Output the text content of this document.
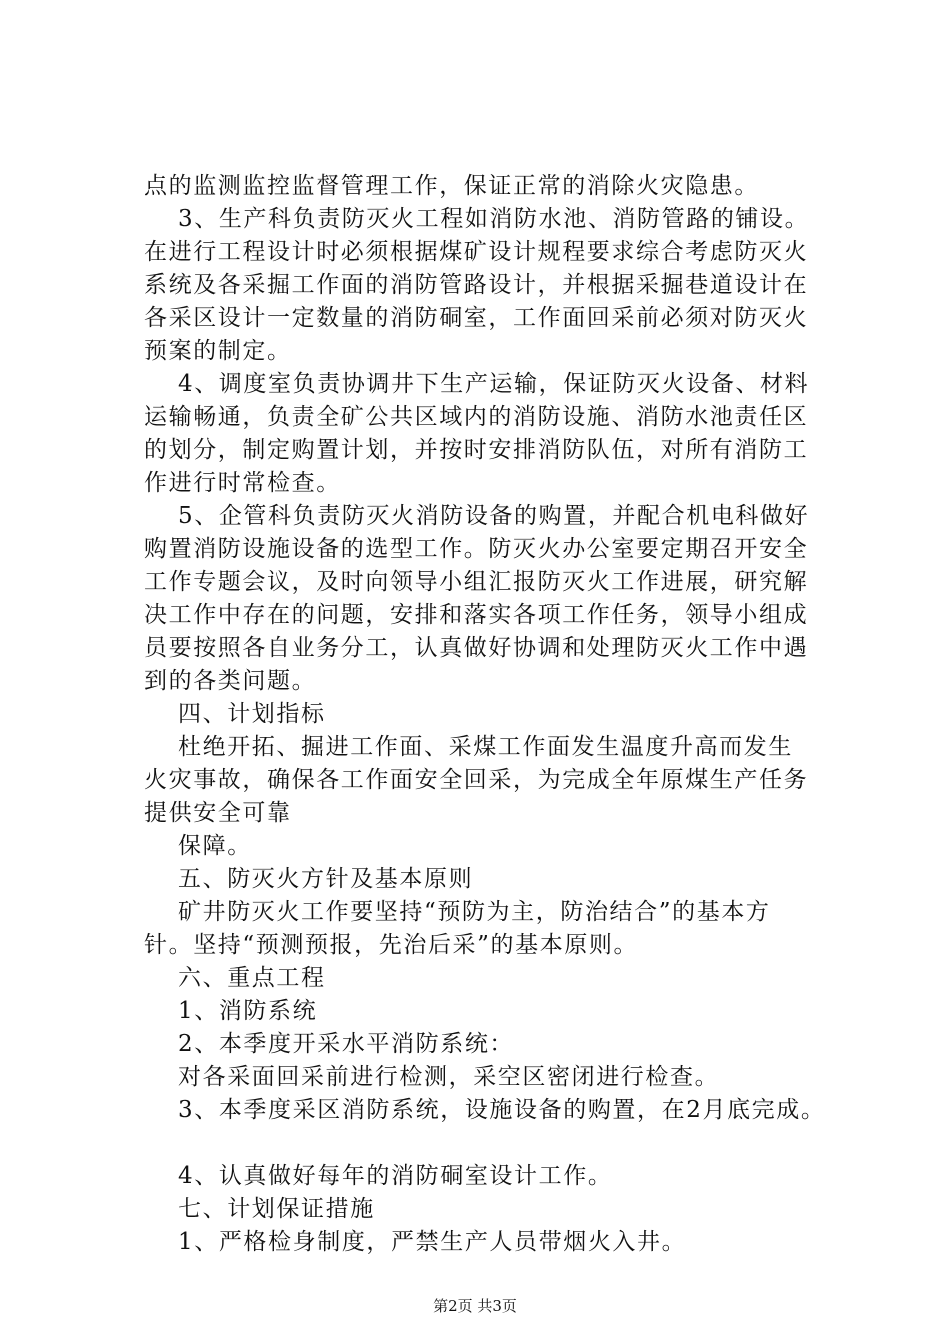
点的监测监控监督管理工作，保证正常的消除火灾隐患。
3、生产科负责防灭火工程如消防水池、消防管路的铺设。
在进行工程设计时必须根据煤矿设计规程要求综合考虑防灭火
系统及各采掘工作面的消防管路设计，并根据采掘巷道设计在
各采区设计一定数量的消防硐室，工作面回采前必须对防灭火
预案的制定。
4、调度室负责协调井下生产运输，保证防灭火设备、材料
运输畅通，负责全矿公共区域内的消防设施、消防水池责任区
的划分，制定购置计划，并按时安排消防队伍，对所有消防工
作进行时常检查。
5、企管科负责防灭火消防设备的购置，并配合机电科做好
购置消防设施设备的选型工作。防灭火办公室要定期召开安全
工作专题会议，及时向领导小组汇报防灭火工作进展，研究解
决工作中存在的问题，安排和落实各项工作任务，领导小组成
员要按照各自业务分工，认真做好协调和处理防灭火工作中遇
到的各类问题。
四、计划指标
杜绝开拓、掘进工作面、采煤工作面发生温度升高而发生
火灾事故，确保各工作面安全回采，为完成全年原煤生产任务
提供安全可靠
保障。
五、防灭火方针及基本原则
矿井防灭火工作要坚持“预防为主，防治结合”的基本方
针。坚持“预测预报，先治后采”的基本原则。
六、重点工程
1、消防系统
2、本季度开采水平消防系统：
对各采面回采前进行检测，采空区密闭进行检查。
3、本季度采区消防系统，设施设备的购置，在2月底完成。
4、认真做好每年的消防硐室设计工作。
七、计划保证措施
1、严格检身制度，严禁生产人员带烟火入井。
第2页 共3页
